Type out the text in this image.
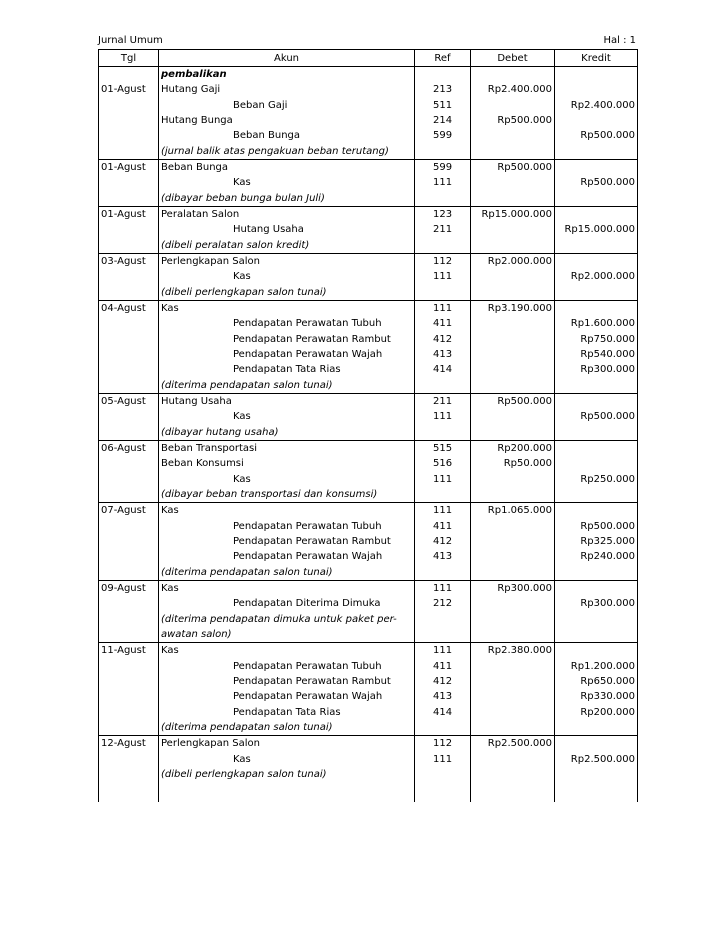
Jurnal Umum	Hal : 1
Tgl	Akun	Ref	Debet	Kredit
	pembalikan			
01-Agust	Hutang Gaji	213	Rp2.400.000	
	Beban Gaji	511		Rp2.400.000
	Hutang Bunga	214	Rp500.000	
	Beban Bunga	599		Rp500.000
	(jurnal balik atas pengakuan beban terutang)			
01-Agust	Beban Bunga	599	Rp500.000	
	Kas	111		Rp500.000
	(dibayar beban bunga bulan Juli)			
01-Agust	Peralatan Salon	123	Rp15.000.000	
	Hutang Usaha	211		Rp15.000.000
	(dibeli peralatan salon kredit)			
03-Agust	Perlengkapan Salon	112	Rp2.000.000	
	Kas	111		Rp2.000.000
	(dibeli perlengkapan salon tunai)			
04-Agust	Kas	111	Rp3.190.000	
	Pendapatan Perawatan Tubuh	411		Rp1.600.000
	Pendapatan Perawatan Rambut	412		Rp750.000
	Pendapatan Perawatan Wajah	413		Rp540.000
	Pendapatan Tata Rias	414		Rp300.000
	(diterima pendapatan salon tunai)			
05-Agust	Hutang Usaha	211	Rp500.000	
	Kas	111		Rp500.000
	(dibayar hutang usaha)			
06-Agust	Beban Transportasi	515	Rp200.000	
	Beban Konsumsi	516	Rp50.000	
	Kas	111		Rp250.000
	(dibayar beban transportasi dan konsumsi)			
07-Agust	Kas	111	Rp1.065.000	
	Pendapatan Perawatan Tubuh	411		Rp500.000
	Pendapatan Perawatan Rambut	412		Rp325.000
	Pendapatan Perawatan Wajah	413		Rp240.000
	(diterima pendapatan salon tunai)			
09-Agust	Kas	111	Rp300.000	
	Pendapatan Diterima Dimuka	212		Rp300.000
	(diterima pendapatan dimuka untuk paket per-			
	awatan salon)			
11-Agust	Kas	111	Rp2.380.000	
	Pendapatan Perawatan Tubuh	411		Rp1.200.000
	Pendapatan Perawatan Rambut	412		Rp650.000
	Pendapatan Perawatan Wajah	413		Rp330.000
	Pendapatan Tata Rias	414		Rp200.000
	(diterima pendapatan salon tunai)			
12-Agust	Perlengkapan Salon	112	Rp2.500.000	
	Kas	111		Rp2.500.000
	(dibeli perlengkapan salon tunai)			
